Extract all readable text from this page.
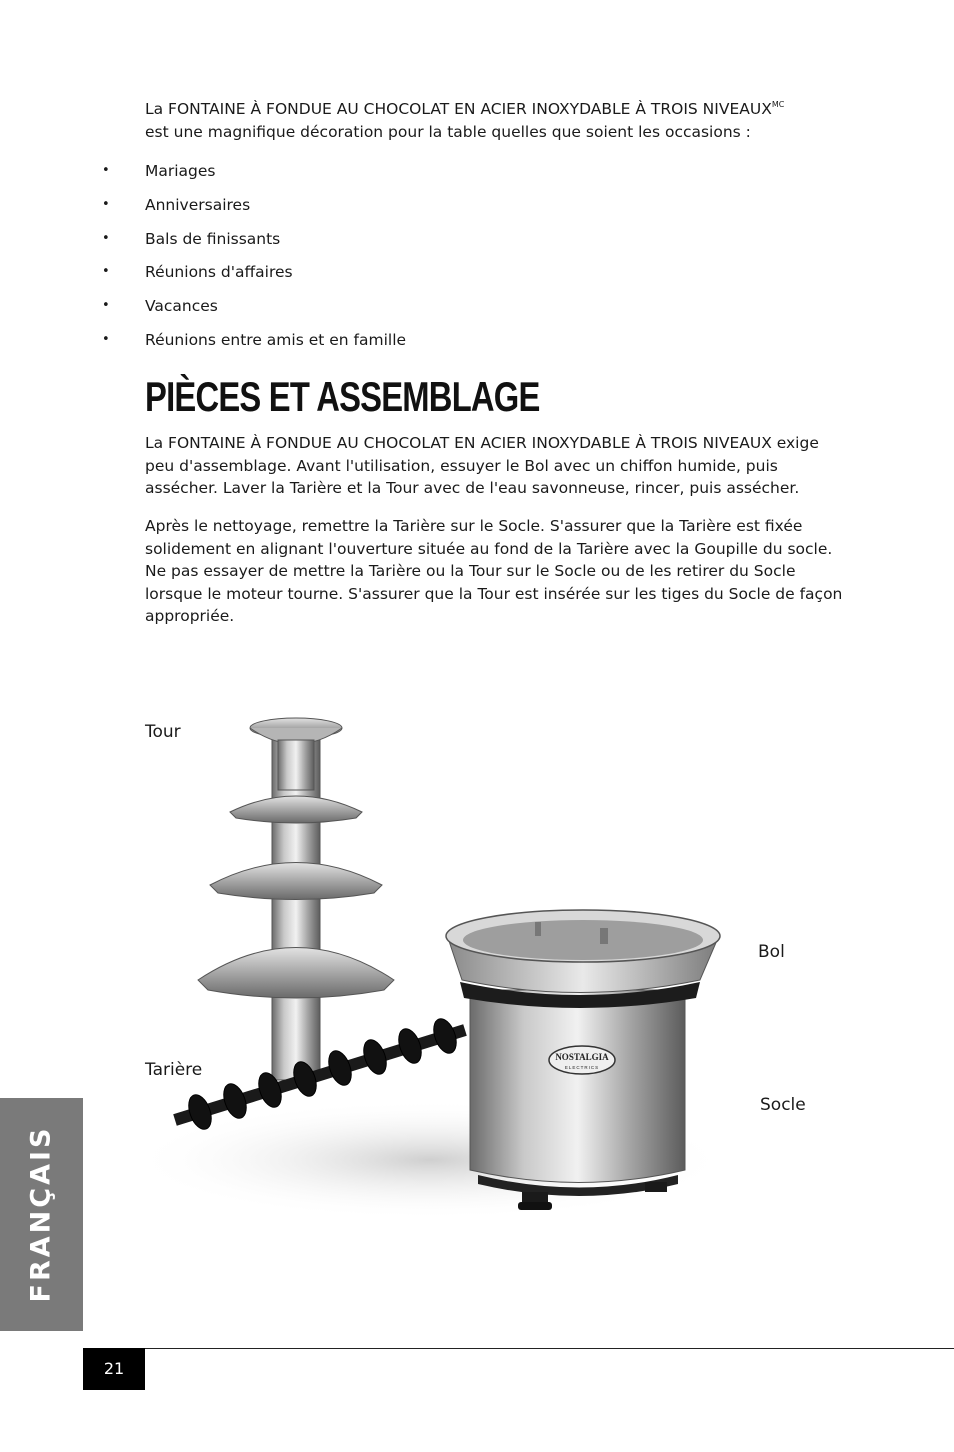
La FONTAINE À FONDUE AU CHOCOLAT EN ACIER INOXYDABLE À TROIS $NIVEAUX^{MC}$
est une magnifique décoration pour la table quelles que soient les occasions :

• Mariages
• Anniversaires
• Bals de finissants
• Réunions d'affaires
• Vacances
• Réunions entre amis et en famille
PIÈCES ET ASSEMBLAGE

La FONTAINE À FONDUE AU CHOCOLAT EN ACIER INOXYDABLE À TROIS NIVEAUX exige peu d'assemblage. Avant l'utilisation, essuyer le Bol avec un chiffon humide, puis assécher. Laver la Tarière et la Tour avec de l'eau savonneuse, rincer, puis assécher.

Après le nettoyage, remettre la Tarière sur le Socle. S'assurer que la Tarière est fixée solidement en alignant l'ouverture située au fond de la Tarière avec la Goupille du socle. Ne pas essayer de mettre la Tarière ou la Tour sur le Socle ou de les retirer du Socle lorsque le moteur tourne. S'assurer que la Tour est insérée sur les tiges du Socle de façon appropriée.

NOSTALGIA
ELECTRICS
Tour
Bol
Tarière
Socle
FRANÇAIS
21
